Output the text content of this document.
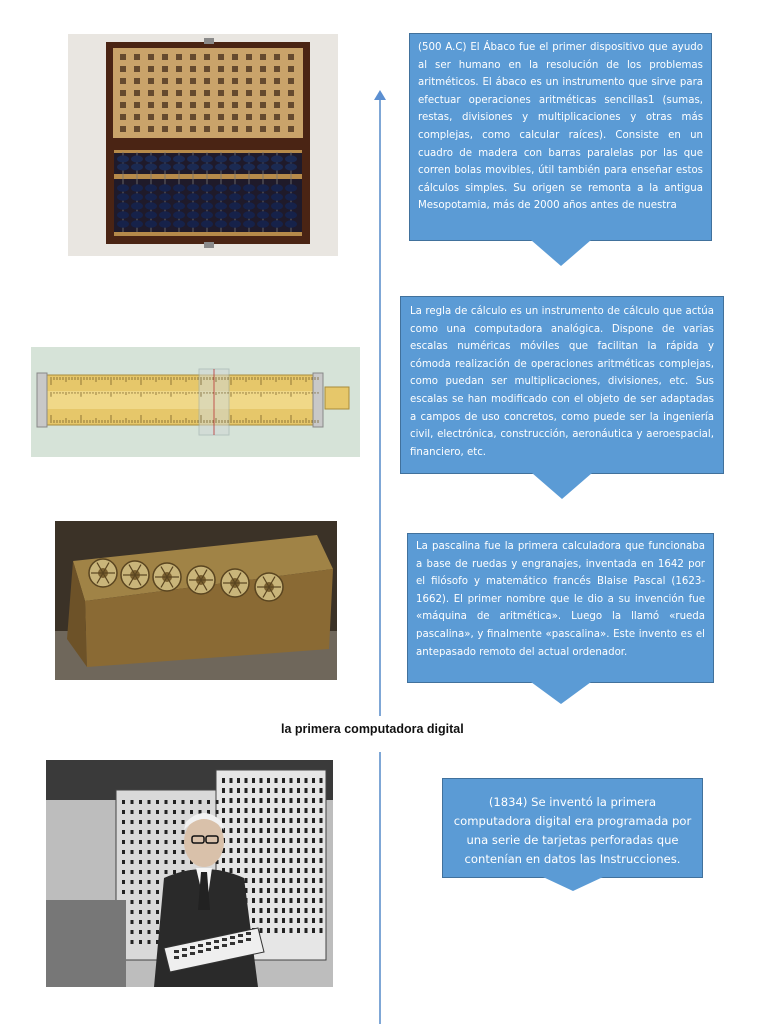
(500 A.C) El Ábaco fue el primer dispositivo que ayudo al ser humano en la resolución de los problemas aritméticos. El ábaco es un instrumento que sirve para efectuar operaciones aritméticas sencillas1 (sumas, restas, divisiones y multiplicaciones y otras más complejas, como calcular raíces). Consiste en un cuadro de madera con barras paralelas por las que corren bolas movibles, útil también para enseñar estos cálculos simples. Su origen se remonta a la antigua Mesopotamia, más de 2000 años antes de nuestra
La regla de cálculo es un instrumento de cálculo que actúa como una computadora analógica. Dispone de varias escalas numéricas móviles que facilitan la rápida y cómoda realización de operaciones aritméticas complejas, como puedan ser multiplicaciones, divisiones, etc. Sus escalas se han modificado con el objeto de ser adaptadas a campos de uso concretos, como puede ser la ingeniería civil, electrónica, construcción, aeronáutica y aeroespacial, financiero, etc.
La pascalina fue la primera calculadora que funcionaba a base de ruedas y engranajes, inventada en 1642 por el filósofo y matemático francés Blaise Pascal (1623-1662). El primer nombre que le dio a su invención fue «máquina de aritmética». Luego la llamó «rueda pascalina», y finalmente «pascalina». Este invento es el antepasado remoto del actual ordenador.
la primera computadora digital
(1834) Se inventó la primera computadora digital era programada por una serie de tarjetas perforadas que contenían en datos las Instrucciones.
